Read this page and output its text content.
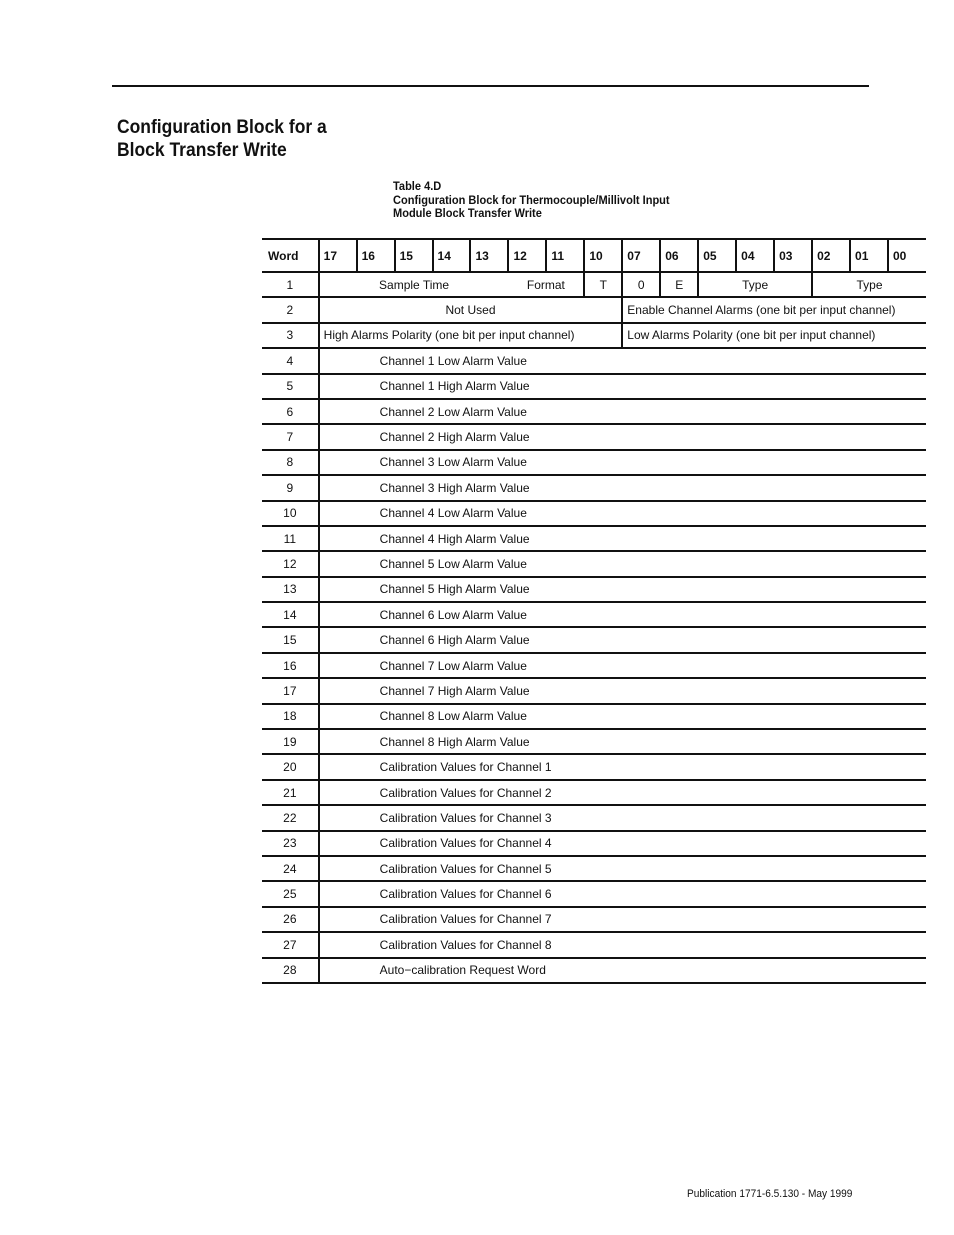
Configuration Block for a
Block Transfer Write
Table 4.D
Configuration Block for Thermocouple/Millivolt Input
Module Block Transfer Write
Word	17	16	15	14	13	12	11	10	07	06	05	04	03	02	01	00
1	Sample Time					Format		T	0	E	Type			Type		
2	Not Used								Enable Channel Alarms (one bit per input channel)							
3	High Alarms Polarity (one bit per input channel)								Low Alarms Polarity (one bit per input channel)							
4	Channel 1 Low Alarm Value															
5	Channel 1 High Alarm Value															
6	Channel 2 Low Alarm Value															
7	Channel 2 High Alarm Value															
8	Channel 3 Low Alarm Value															
9	Channel 3 High Alarm Value															
10	Channel 4 Low Alarm Value															
11	Channel 4 High Alarm Value															
12	Channel 5 Low Alarm Value															
13	Channel 5 High Alarm Value															
14	Channel 6 Low Alarm Value															
15	Channel 6 High Alarm Value															
16	Channel 7 Low Alarm Value															
17	Channel 7 High Alarm Value															
18	Channel 8 Low Alarm Value															
19	Channel 8 High Alarm Value															
20	Calibration Values for Channel 1															
21	Calibration Values for Channel 2															
22	Calibration Values for Channel 3															
23	Calibration Values for Channel 4															
24	Calibration Values for Channel 5															
25	Calibration Values for Channel 6															
26	Calibration Values for Channel 7															
27	Calibration Values for Channel 8															
28	Auto−calibration Request Word															
Publication 1771-6.5.130 - May 1999
